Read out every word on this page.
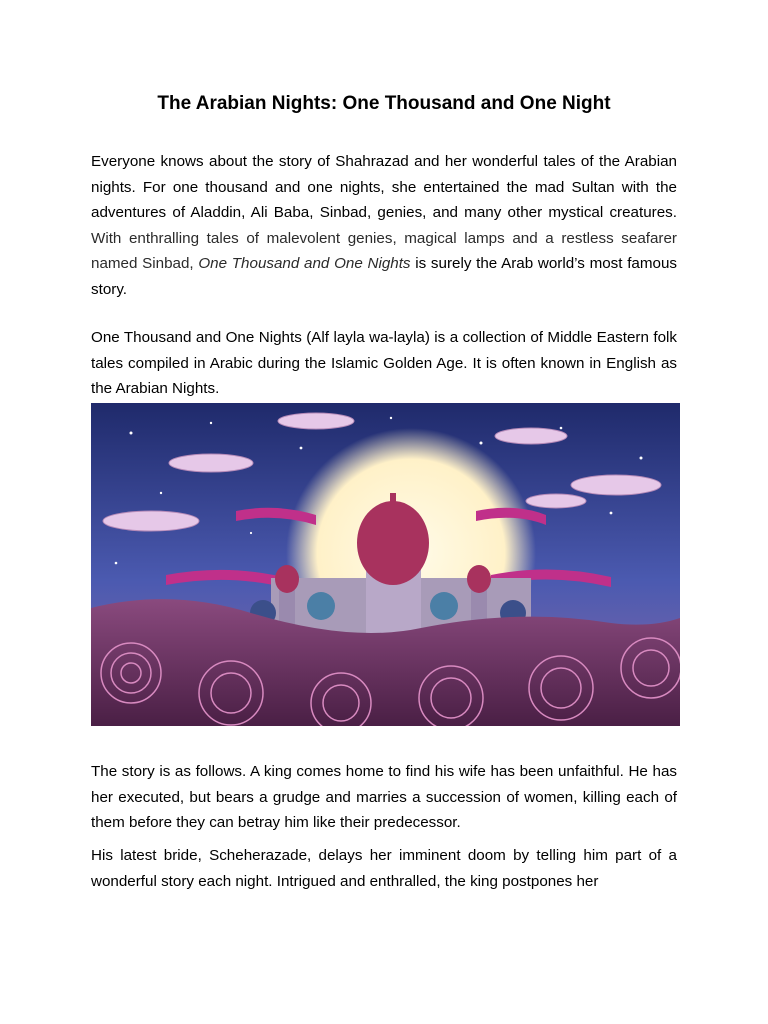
The Arabian Nights: One Thousand and One Night

Everyone knows about the story of Shahrazad and her wonderful tales of the Arabian nights. For one thousand and one nights, she entertained the mad Sultan with the adventures of Aladdin, Ali Baba, Sinbad, genies, and many other mystical creatures. With enthralling tales of malevolent genies, magical lamps and a restless seafarer named Sinbad, One Thousand and One Nights is surely the Arab world’s most famous story.

One Thousand and One Nights (Alf layla wa-layla) is a collection of Middle Eastern folk tales compiled in Arabic during the Islamic Golden Age. It is often known in English as the Arabian Nights.

The story is as follows. A king comes home to find his wife has been unfaithful. He has her executed, but bears a grudge and marries a succession of women, killing each of them before they can betray him like their predecessor.

His latest bride, Scheherazade, delays her imminent doom by telling him part of a wonderful story each night. Intrigued and enthralled, the king postpones her
